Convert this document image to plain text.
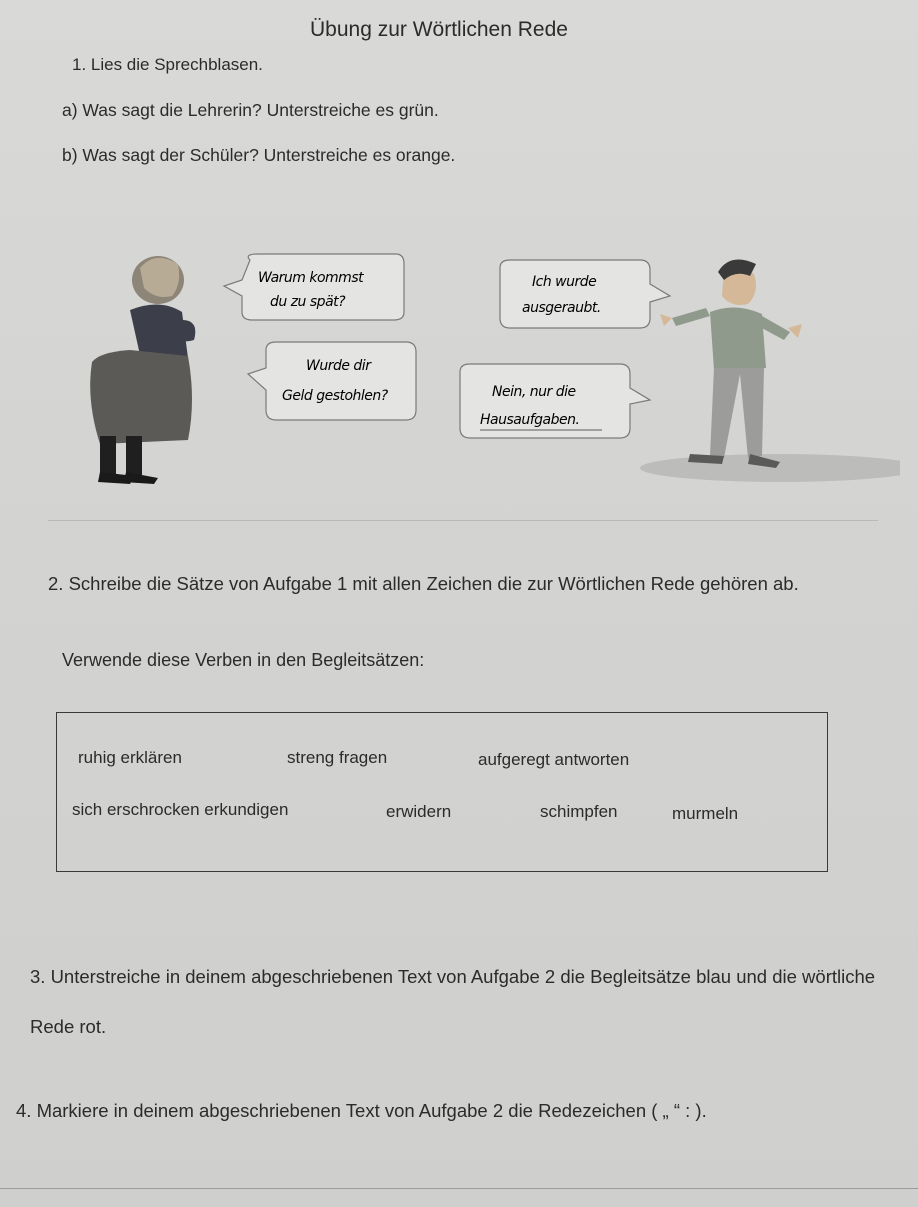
Übung zur Wörtlichen Rede
1. Lies die Sprechblasen.
a) Was sagt die Lehrerin? Unterstreiche es grün.
b) Was sagt der Schüler? Unterstreiche es orange.
Warum kommst
du zu spät?
Ich wurde
ausgeraubt.
Wurde dir
Geld gestohlen?	Nein, nur die
Hausaufgaben.
2. Schreibe die Sätze von Aufgabe 1 mit allen Zeichen die zur Wörtlichen Rede gehören ab.
Verwende diese Verben in den Begleitsätzen:
ruhig erklären	streng fragen	aufgeregt antworten
sich erschrocken erkundigen	erwidern	schimpfen	murmeln
3. Unterstreiche in deinem abgeschriebenen Text von Aufgabe 2 die Begleitsätze blau und die wörtliche Rede rot.
4. Markiere in deinem abgeschriebenen Text von Aufgabe 2 die Redezeichen ( „ “ : ).
